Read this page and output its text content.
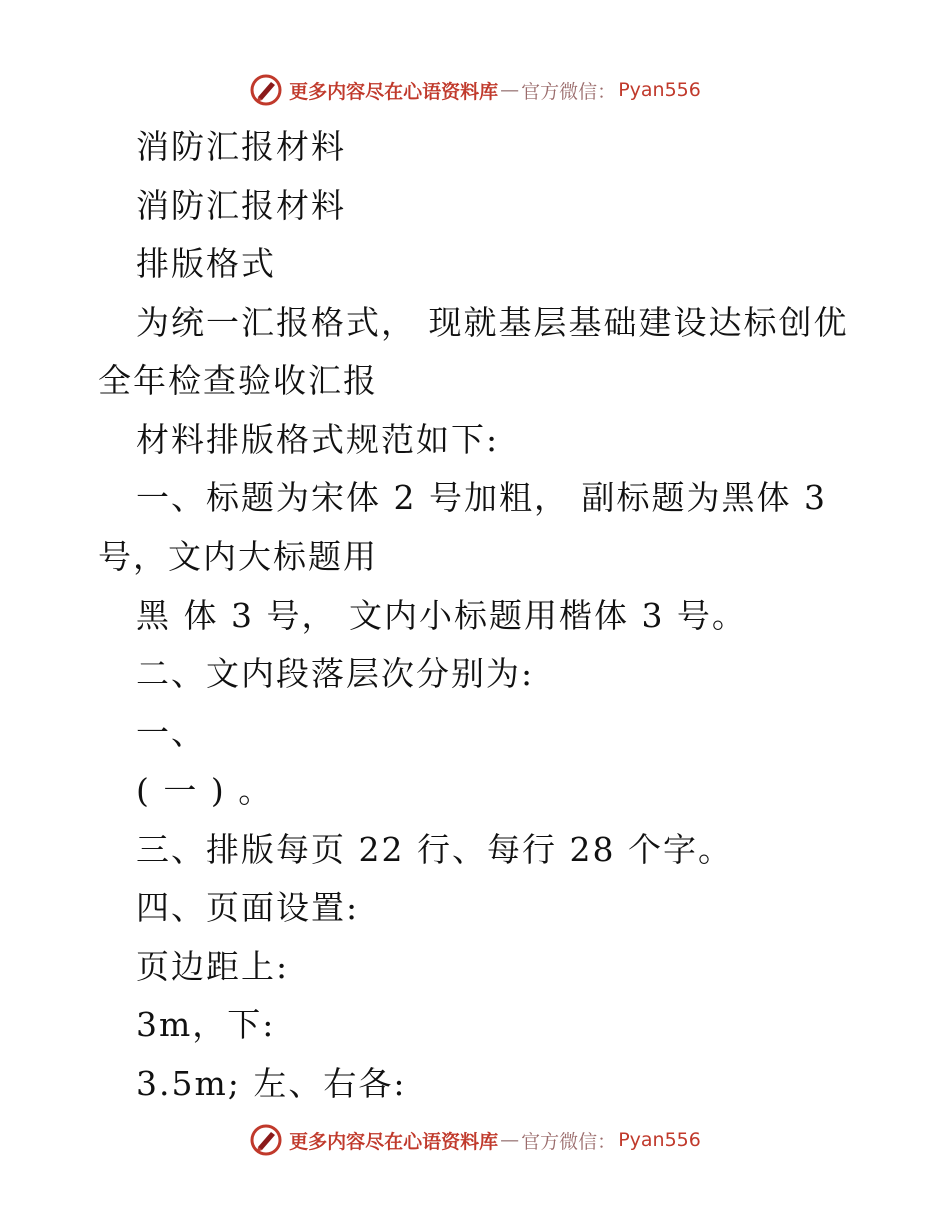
更多内容尽在心语资料库 — 官方微信： Pyan556
消防汇报材料
消防汇报材料
排版格式
为统一汇报格式， 现就基层基础建设达标创优
全年检查验收汇报
材料排版格式规范如下:
一、标题为宋体 2 号加粗， 副标题为黑体 3
号，文内大标题用
黑 体 3 号， 文内小标题用楷体 3 号。
二、文内段落层次分别为:
一、
( 一 ) 。
三、排版每页 22 行、每行 28 个字。
四、页面设置:
页边距上:
3m，下:
3.5m; 左、右各:
更多内容尽在心语资料库 — 官方微信： Pyan556
